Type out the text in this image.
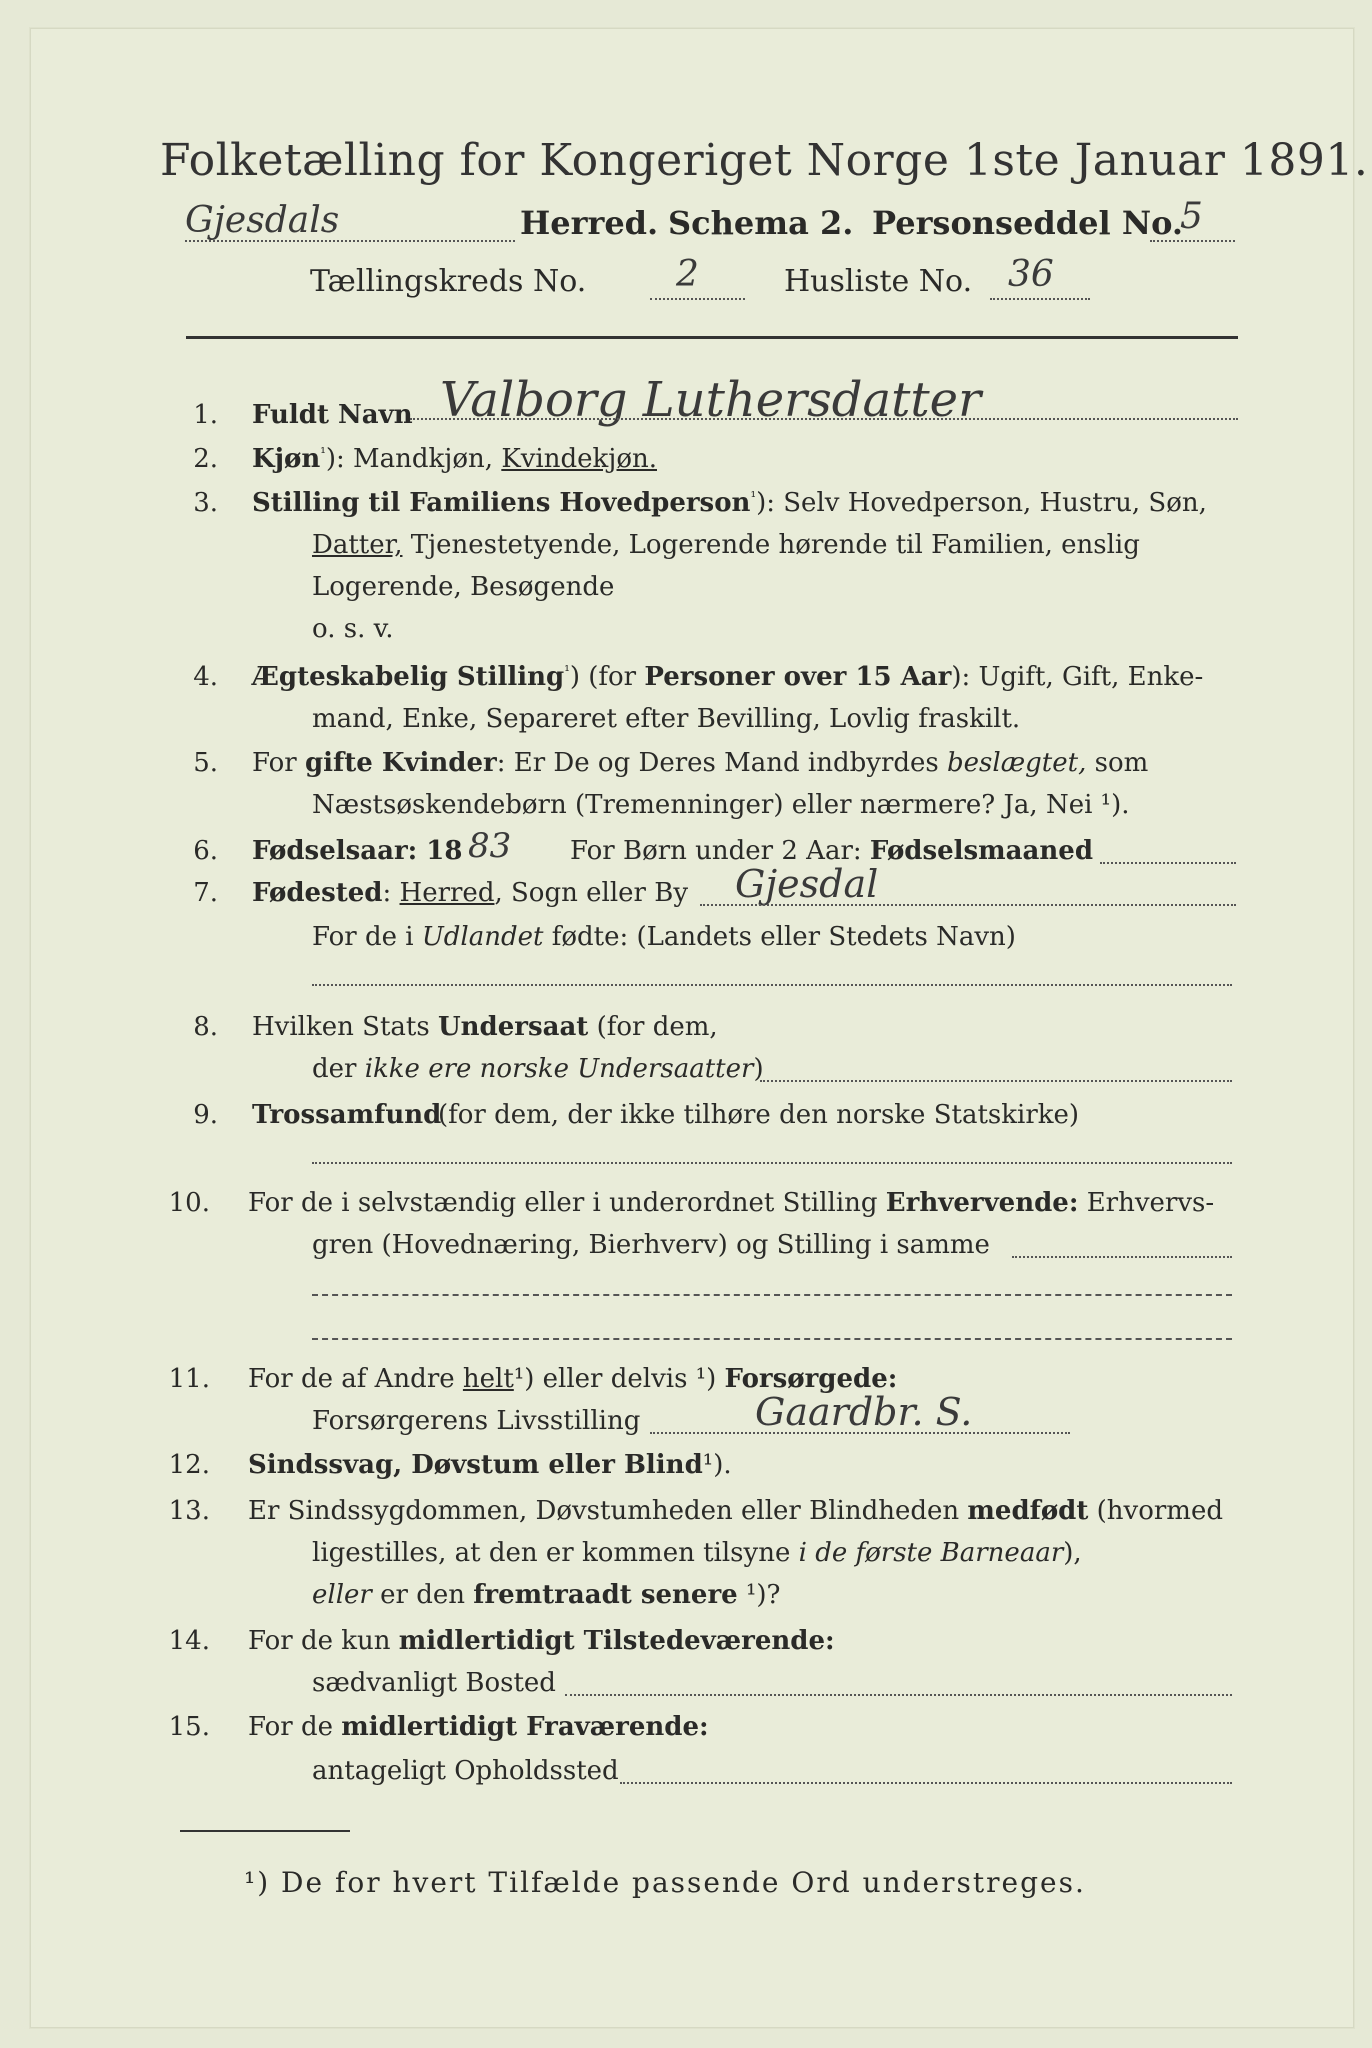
Folketælling for Kongeriget Norge 1ste Januar 1891.
Gjesdals	Herred. Schema 2. Personseddel No.
5
Tællingskreds No. 2	Husliste No. 36
1. Fuldt Navn Valborg Luthersdatter
2. Kjøn$^{^1}$): Mandkjøn, Kvindekjøn.
3. Stilling til Familiens Hovedperson$^{^1}$): Selv Hovedperson, Hustru, Søn,
Datter, Tjenestetyende, Logerende hørende til Familien, enslig
Logerende, Besøgende
o. s. v.
4. Ægteskabelig Stilling$^{^1}$) (for Personer over 15 Aar): Ugift, Gift, Enke-
mand, Enke, Separeret efter Bevilling, Lovlig fraskilt.
5. For gifte Kvinder: Er De og Deres Mand indbyrdes beslægtet, som
Næstsøskendebørn (Tremenninger) eller nærmere? Ja, Nei ¹).
6. Fødselsaar: 18 83 For Børn under 2 Aar: Fødselsmaaned
7. Fødested: Herred, Sogn eller By Gjesdal
For de i Udlandet fødte: (Landets eller Stedets Navn)
8. Hvilken Stats Undersaat (for dem,
der ikke ere norske Undersaatter)
9. Trossamfund
(for dem, der ikke tilhøre den norske Statskirke)
10. For de i selvstændig eller i underordnet Stilling Erhvervende: Erhvervs-
gren (Hovednæring, Bierhverv) og Stilling i samme
11. For de af Andre helt¹) eller delvis ¹) Forsørgede:
Forsørgerens Livsstilling	Gaardbr. S.
12. Sindssvag, Døvstum eller Blind¹).
13. Er Sindssygdommen, Døvstumheden eller Blindheden medfødt (hvormed
ligestilles, at den er kommen tilsyne i de første Barneaar),
eller er den fremtraadt senere ¹)?
14. For de kun midlertidigt Tilstedeværende:
sædvanligt Bosted
15. For de midlertidigt Fraværende:
antageligt Opholdssted
¹) De for hvert Tilfælde passende Ord understreges.
